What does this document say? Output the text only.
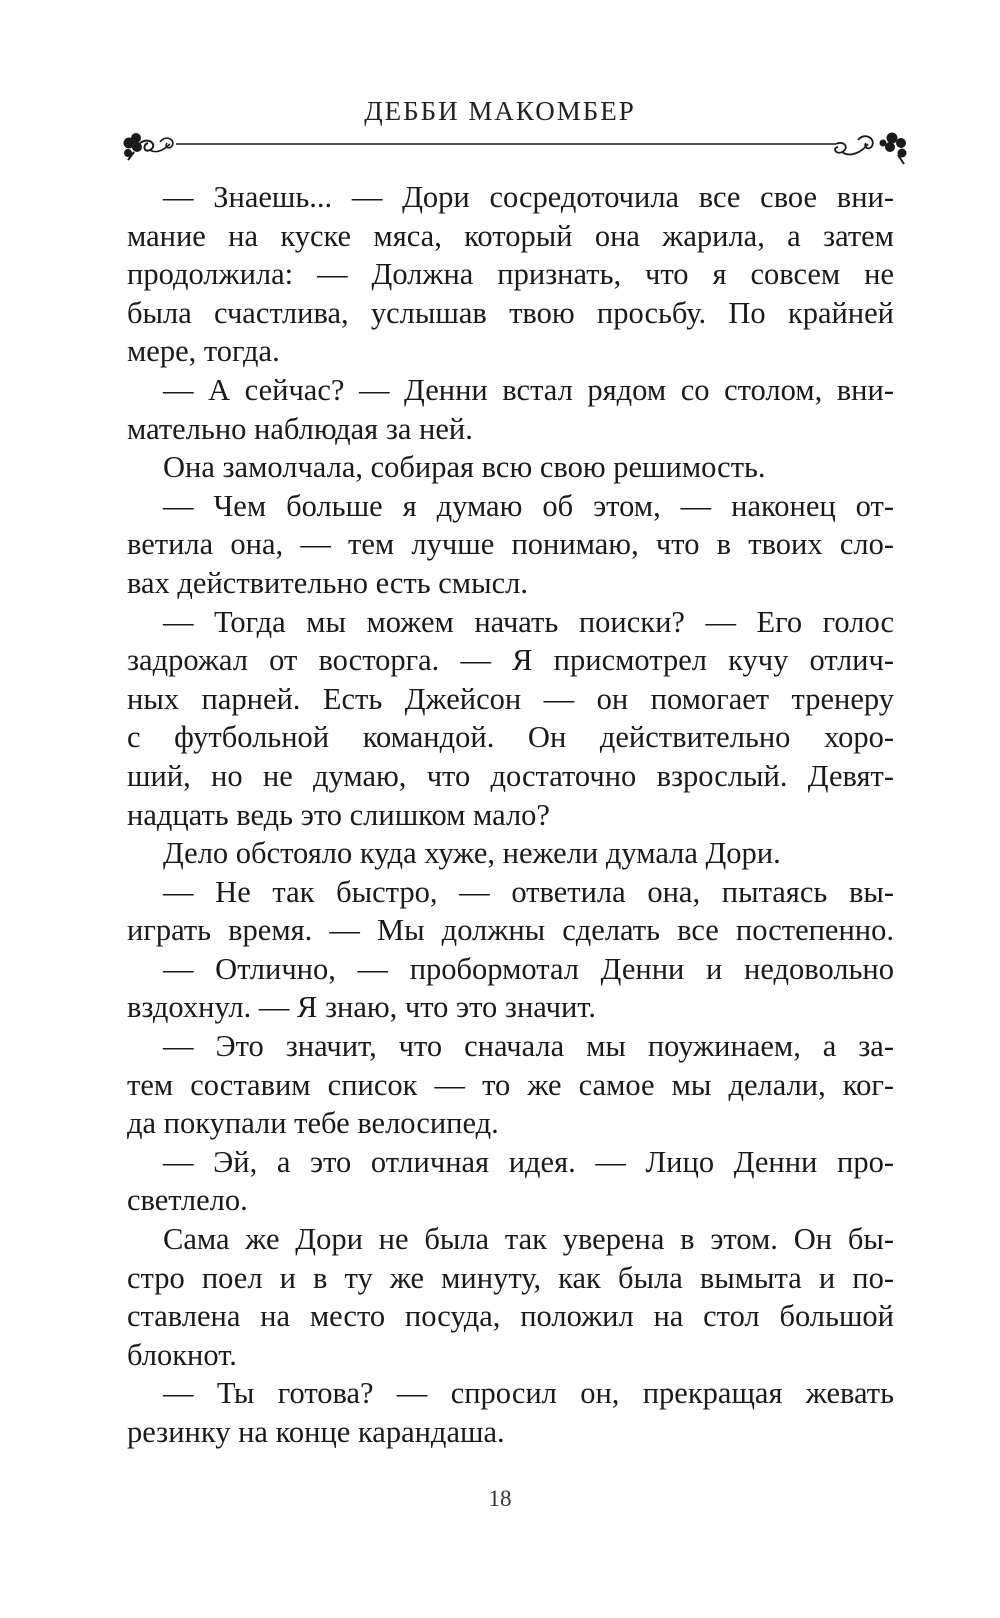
ДЕББИ МАКОМБЕР
— Знаешь... — Дори сосредоточила все свое вни-
мание на куске мяса, который она жарила, а затем
продолжила: — Должна признать, что я совсем не
была счастлива, услышав твою просьбу. По крайней
мере, тогда.
— А сейчас? — Денни встал рядом со столом, вни-
мательно наблюдая за ней.
Она замолчала, собирая всю свою решимость.
— Чем больше я думаю об этом, — наконец от-
ветила она, — тем лучше понимаю, что в твоих сло-
вах действительно есть смысл.
— Тогда мы можем начать поиски? — Его голос
задрожал от восторга. — Я присмотрел кучу отлич-
ных парней. Есть Джейсон — он помогает тренеру
с футбольной командой. Он действительно хоро-
ший, но не думаю, что достаточно взрослый. Девят-
надцать ведь это слишком мало?
Дело обстояло куда хуже, нежели думала Дори.
— Не так быстро, — ответила она, пытаясь вы-
играть время. — Мы должны сделать все постепенно.
— Отлично, — пробормотал Денни и недовольно
вздохнул. — Я знаю, что это значит.
— Это значит, что сначала мы поужинаем, а за-
тем составим список — то же самое мы делали, ког-
да покупали тебе велосипед.
— Эй, а это отличная идея. — Лицо Денни про-
светлело.
Сама же Дори не была так уверена в этом. Он бы-
стро поел и в ту же минуту, как была вымыта и по-
ставлена на место посуда, положил на стол большой
блокнот.
— Ты готова? — спросил он, прекращая жевать
резинку на конце карандаша.
18
